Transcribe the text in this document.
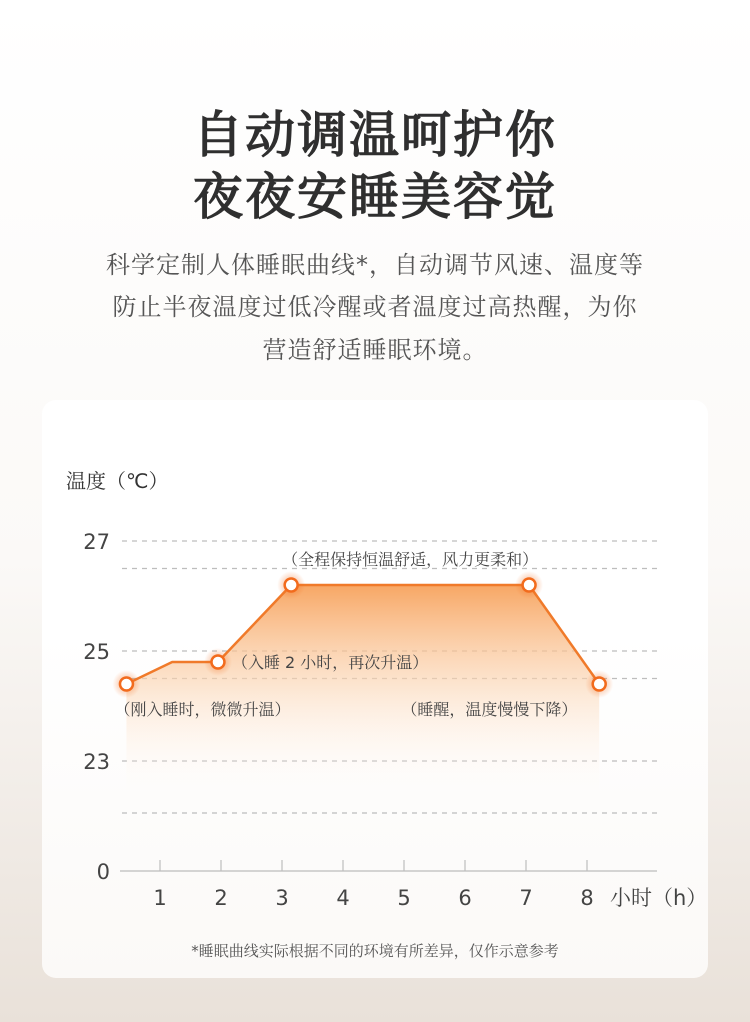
自动调温呵护你
夜夜安睡美容觉
科学定制人体睡眠曲线*，自动调节风速、温度等
防止半夜温度过低冷醒或者温度过高热醒，为你
营造舒适睡眠环境。
温度（℃）
27
25
23
0
1 2 3 4 5 6 7 8 小时（h）
（刚入睡时，微微升温）
（入睡 2 小时，再次升温）
（全程保持恒温舒适，风力更柔和）
（睡醒，温度慢慢下降）
*睡眠曲线实际根据不同的环境有所差异，仅作示意参考
